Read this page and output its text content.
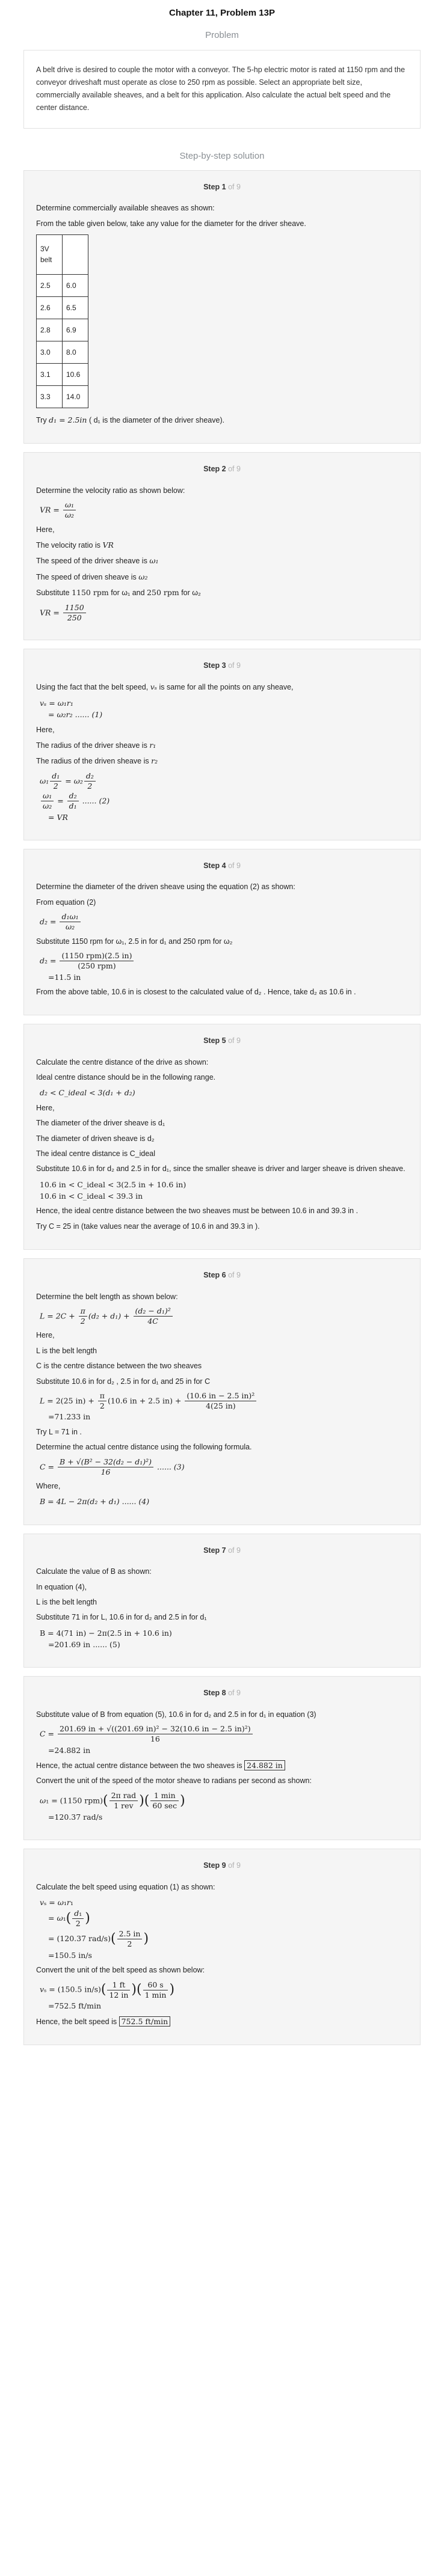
Chapter 11, Problem 13P
Problem
A belt drive is desired to couple the motor with a conveyor. The 5-hp electric motor is rated at 1150 rpm and the conveyor driveshaft must operate as close to 250 rpm as possible. Select an appropriate belt size, commercially available sheaves, and a belt for this application. Also calculate the actual belt speed and the center distance.
Step-by-step solution
Step 1 of 9

Determine commercially available sheaves as shown:

From the table given below, take any value for the diameter for the driver sheave.

3V belt	
2.5	6.0
2.6	6.5
2.8	6.9
3.0	8.0
3.1	10.6
3.3	14.0

Try d₁ = 2.5in ( d₁ is the diameter of the driver sheave).

Step 2 of 9

Determine the velocity ratio as shown below:

VR = $\frac{\text{ω₁}}{\text{ω₂}}$

Here,

The velocity ratio is VR

The speed of the driver sheave is ω₁

The speed of driven sheave is ω₂

Substitute 1150 rpm for ω₁ and 250 rpm for ω₂

VR = $\frac{1150}{250}$
Step 3 of 9

Using the fact that the belt speed, vₛ is same for all the points on any sheave,

vₛ = ω₁r₁
= ω₂r₂ ...... (1)

Here,

The radius of the driver sheave is r₁

The radius of the driven sheave is r₂

$\omega_1 \frac{\text{d₁}}{2} = \omega_2 \frac{\text{d₂}}{2}$

$\frac{\text{ω₁}}{\text{ω₂}} = \frac{\text{d₂}}{\text{d₁}}$ ...... (2)
= VR
Step 4 of 9

Determine the diameter of the driven sheave using the equation (2) as shown:

From equation (2)

$d_2 = \frac{\text{d₁ω₁}}{\text{ω₂}}$

Substitute 1150 rpm for ω₁, 2.5 in for d₁ and 250 rpm for ω₂

$d_2 = \frac{\text{(1150 rpm)(2.5 in)}}{\text{(250 rpm)}}$

=11.5 in

From the above table, 10.6 in is closest to the calculated value of d₂ . Hence, take d₂ as 10.6 in .

Step 5 of 9

Calculate the centre distance of the drive as shown:

Ideal centre distance should be in the following range.

d₂ < C_ideal < 3(d₁ + d₂)

Here,

The diameter of the driver sheave is d₁

The diameter of driven sheave is d₂

The ideal centre distance is C_ideal

Substitute 10.6 in for d₂ and 2.5 in for d₁, since the smaller sheave is driver and larger sheave is driven sheave.

10.6 in < C_ideal < 3(2.5 in + 10.6 in)
10.6 in < C_ideal < 39.3 in

Hence, the ideal centre distance between the two sheaves must be between 10.6 in and 39.3 in .

Try C = 25 in (take values near the average of 10.6 in and 39.3 in ).

Step 6 of 9

Determine the belt length as shown below:

$L = 2C + \frac{\pi}{2} (d_2 + d_1) + \frac{\text{(d₂ − d₁)²}}{4C}$

Here,

L is the belt length

C is the centre distance between the two sheaves

Substitute 10.6 in for d₂ , 2.5 in for d₁ and 25 in for C

L = 2(25 $in) + \frac{\pi}{2} (10.6$ in + 2.5 $in) + \frac{\text{(10.6 in − 2.5 in)²}}{4(25 in)}$

=71.233 in

Try L = 71 in .

Determine the actual centre distance using the following formula.

$C = \frac{\text{B + √(B² − 32(d₂ − d₁)²)}}{16}$ ...... (3)

Where,

B = 4L − 2π(d₂ + d₁) ...... (4)
Step 7 of 9

Calculate the value of B as shown:

In equation (4),

L is the belt length

Substitute 71 in for L, 10.6 in for d₂ and 2.5 in for d₁

B = 4(71 in) − 2π(2.5 in + 10.6 in)
=201.69 in ...... (5)
Step 8 of 9

Substitute value of B from equation (5), 10.6 in for d₂ and 2.5 in for d₁ in equation (3)

$C = \frac{\text{201.69 in + √((201.69 in)² − 32(10.6 in − 2.5 in)²)}}{16}$

=24.882 in

Hence, the actual centre distance between the two sheaves is 24.882 in

Convert the unit of the speed of the motor sheave to radians per second as shown:

ω₁ = (1150 $rpm)( \frac{\text{2π rad}}{\text{1 rev}}$ )( $\frac{1 \min}{60 \sec}$ )
=120.37 rad/s
Step 9 of 9

Calculate the belt speed using equation (1) as shown:

vₛ = ω₁r₁
= $\omega_1( \frac{\text{d₁}}{2}$ )
= (120.37 $rad/s)( \frac{2.5 in}{2}$ )
=150.5 in/s

Convert the unit of the belt speed as shown below:

vₛ = (150.5 $in/s)( \frac{1 ft}{12 in}$ )( $\frac{60 s}{1 \min}$ )
=752.5 ft/min

Hence, the belt speed is 752.5 ft/min
